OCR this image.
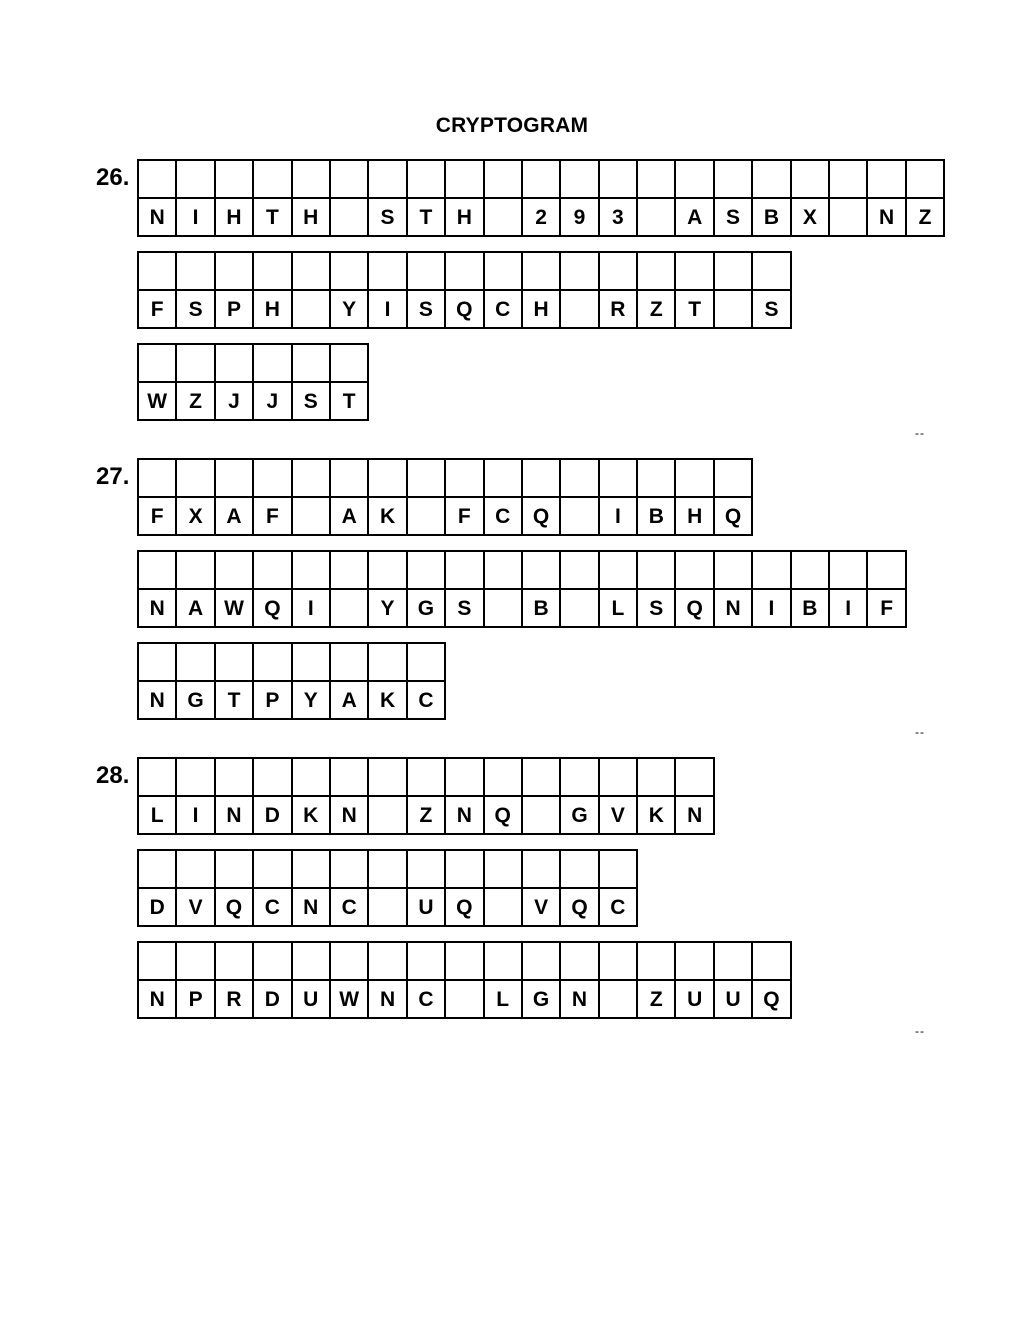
CRYPTOGRAM
26.
N	I	H	T	H	S	T	H	2	9	3	A	S	B	X	N	Z
F	S	P	H	Y	I	S	Q	C	H	R	Z	T	S
W	Z	J	J	S	T
--
27.
F	X	A	F	A	K	F	C	Q	I	B	H	Q
N	A W Q	I	Y	G	S	B	L	S	Q	N	I	B	I	F
N	G	T	P	Y	A	K	C
--
28.
L	I	N	D	K	N	Z	N	Q	G	V	K	N
D	V	Q	C	N	C	U	Q	V	Q	C
N	P	R	D	U W N	C	L	G	N	Z	U	U	Q
--
